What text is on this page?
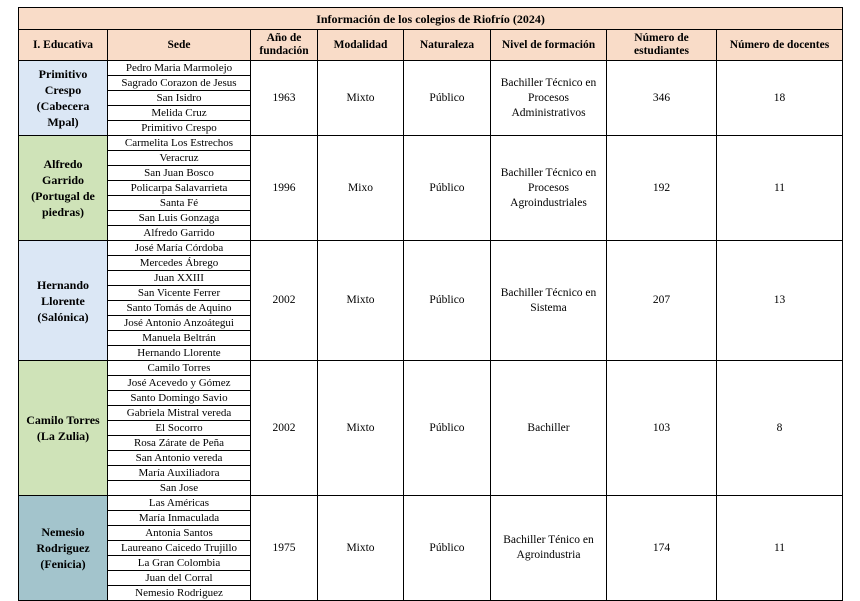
Información de los colegios de Riofrío (2024)							
I. Educativa	Sede	Año de fundación	Modalidad	Naturaleza	Nivel de formación	Número de estudiantes	Número de docentes
Primitivo Crespo (Cabecera Mpal)	Pedro Maria Marmolejo	1963	Mixto	Público	Bachiller Técnico en Procesos Administrativos	346	18
	Sagrado Corazon de Jesus						
	San Isidro						
	Melida Cruz						
	Primitivo Crespo						
Alfredo Garrido (Portugal de piedras)	Carmelita Los Estrechos	1996	Mixo	Público	Bachiller Técnico en Procesos Agroindustriales	192	11
	Veracruz						
	San Juan Bosco						
	Policarpa Salavarrieta						
	Santa Fé						
	San Luis Gonzaga						
	Alfredo Garrido						
Hernando Llorente (Salónica)	José María Córdoba	2002	Mixto	Público	Bachiller Técnico en Sistema	207	13
	Mercedes Ábrego						
	Juan XXIII						
	San Vicente Ferrer						
	Santo Tomás de Aquino						
	José Antonio Anzoátegui						
	Manuela Beltrán						
	Hernando Llorente						
Camilo Torres (La Zulia)	Camilo Torres	2002	Mixto	Público	Bachiller	103	8
	José Acevedo y Gómez						
	Santo Domingo Savio						
	Gabriela Mistral vereda						
	El Socorro						
	Rosa Zárate de Peña						
	San Antonio vereda						
	María Auxiliadora						
	San Jose						
Nemesio Rodriguez (Fenicia)	Las Américas	1975	Mixto	Público	Bachiller Ténico en Agroindustria	174	11
	María Inmaculada						
	Antonia Santos						
	Laureano Caicedo Trujillo						
	La Gran Colombia						
	Juan del Corral						
	Nemesio Rodriguez						
